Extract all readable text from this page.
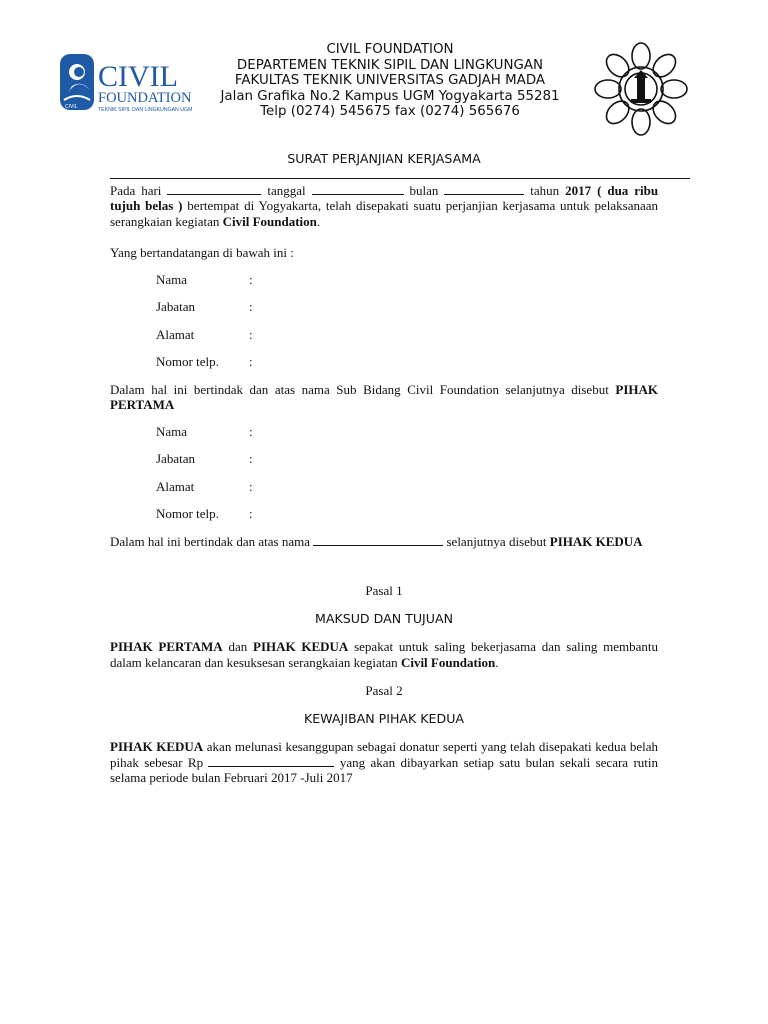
CIVIL
FOUNDATION
TEKNIK SIPIL DAN LINGKUNGAN UGM
CIVIL
CIVIL FOUNDATION
DEPARTEMEN TEKNIK SIPIL DAN LINGKUNGAN
FAKULTAS TEKNIK UNIVERSITAS GADJAH MADA
Jalan Grafika No.2 Kampus UGM Yogyakarta 55281
Telp (0274) 545675 fax (0274) 565676
SURAT PERJANJIAN KERJASAMA
Pada hari	tanggal	bulan	tahun 2017 ( dua ribu tujuh belas ) bertempat di Yogyakarta, telah disepakati suatu perjanjian kerjasama untuk pelaksanaan serangkaian kegiatan Civil Foundation.
Yang bertandatangan di bawah ini :
Nama	:
Jabatan	:
Alamat	:
Nomor telp.	:
Dalam hal ini bertindak dan atas nama Sub Bidang Civil Foundation selanjutnya disebut PIHAK PERTAMA
Nama	:
Jabatan	:
Alamat	:
Nomor telp.	:
Dalam hal ini bertindak dan atas nama	selanjutnya disebut PIHAK KEDUA
Pasal 1
MAKSUD DAN TUJUAN
PIHAK PERTAMA dan PIHAK KEDUA sepakat untuk saling bekerjasama dan saling membantu dalam kelancaran dan kesuksesan serangkaian kegiatan Civil Foundation.
Pasal 2
KEWAJIBAN PIHAK KEDUA
PIHAK KEDUA akan melunasi kesanggupan sebagai donatur seperti yang telah disepakati kedua belah pihak sebesar Rp	yang akan dibayarkan setiap satu bulan sekali secara rutin selama periode bulan Februari 2017 -Juli 2017
